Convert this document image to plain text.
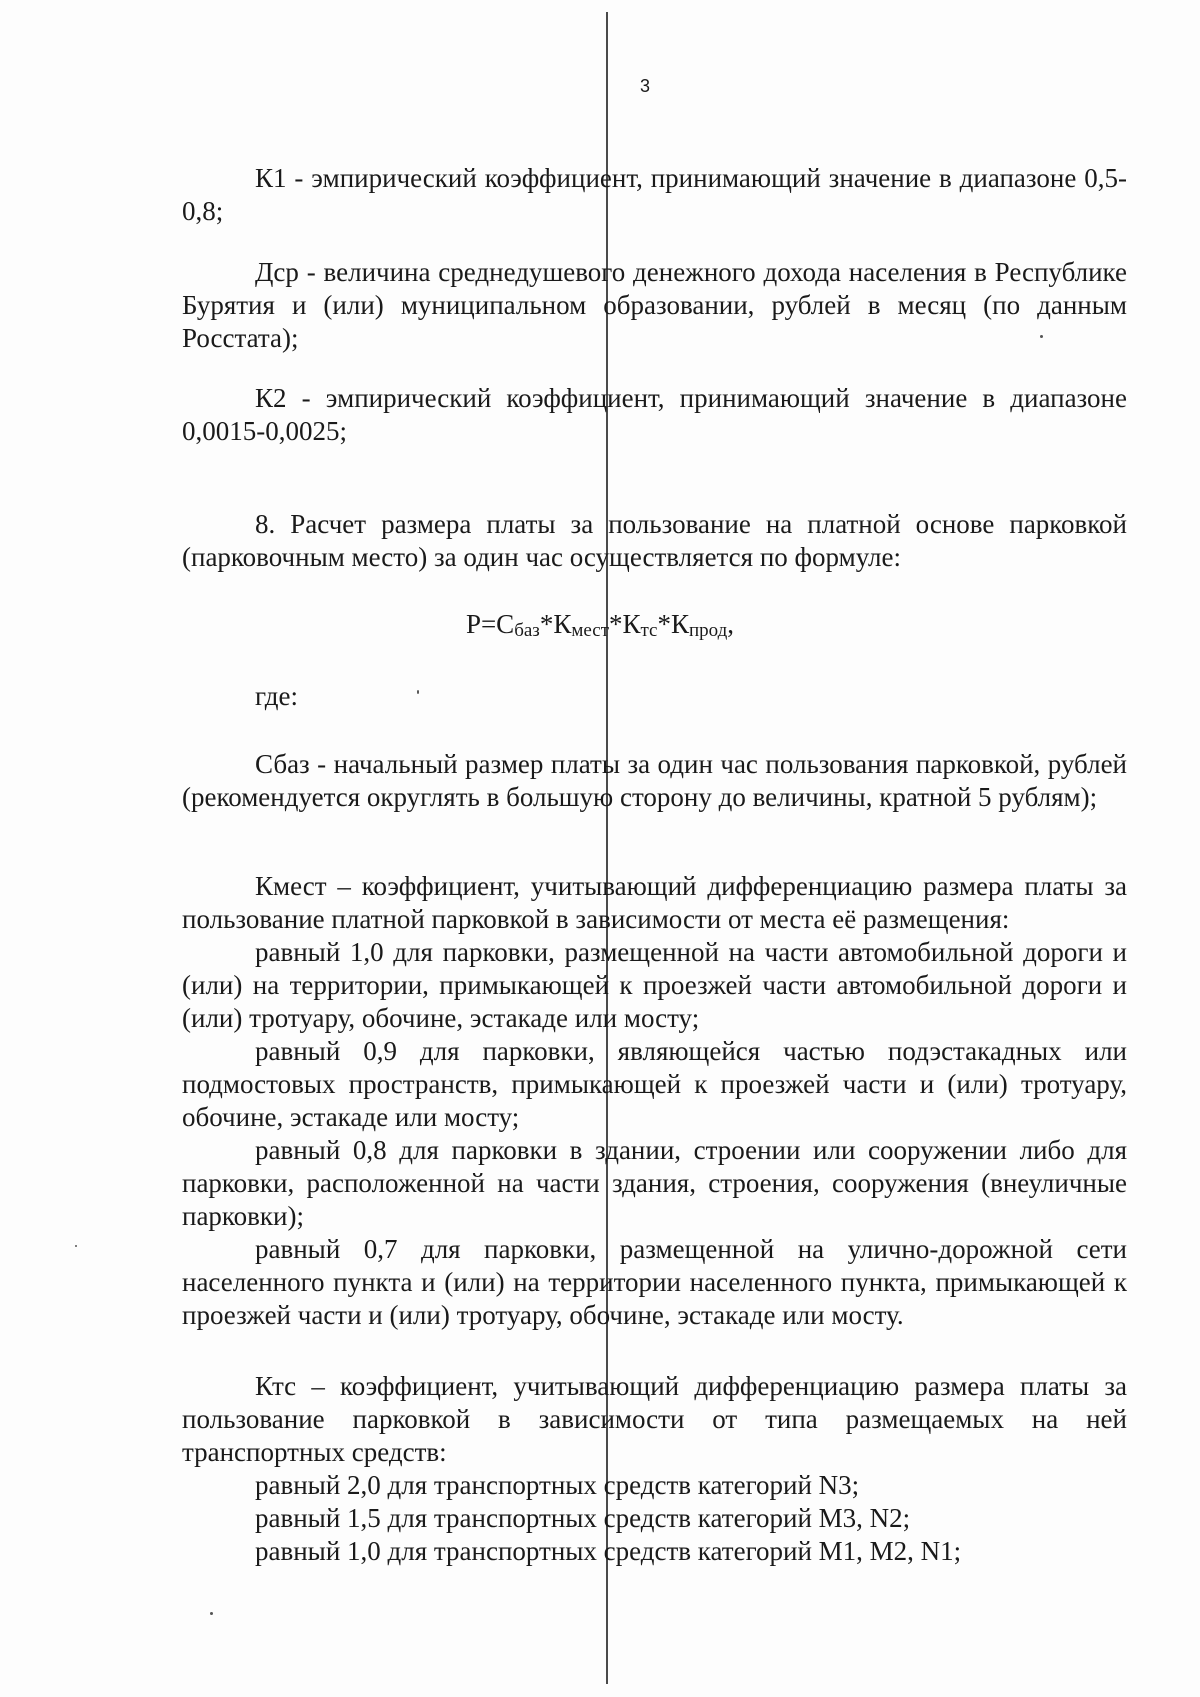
3

К1 - эмпирический коэффициент, принимающий значение в диапазоне 0,5-0,8;

Дср - величина среднедушевого денежного дохода населения в Республике Бурятия и (или) муниципальном образовании, рублей в месяц (по данным Росстата);

К2 - эмпирический коэффициент, принимающий значение в диапазоне 0,0015-0,0025;

8. Расчет размера платы за пользование на платной основе парковкой (парковочным место) за один час осуществляется по формуле:

$Р=С_{баз}*К_{мест}*К_{тс}*К_{прод}$,

где:

Сбаз - начальный размер платы за один час пользования парковкой, рублей (рекомендуется округлять в большую сторону до величины, кратной 5 рублям);

Кмест – коэффициент, учитывающий дифференциацию размера платы за пользование платной парковкой в зависимости от места её размещения:

равный 1,0 для парковки, размещенной на части автомобильной дороги и (или) на территории, примыкающей к проезжей части автомобильной дороги и (или) тротуару, обочине, эстакаде или мосту;

равный 0,9 для парковки, являющейся частью подэстакадных или подмостовых пространств, примыкающей к проезжей части и (или) тротуару, обочине, эстакаде или мосту;

равный 0,8 для парковки в здании, строении или сооружении либо для парковки, расположенной на части здания, строения, сооружения (внеуличные парковки);

равный 0,7 для парковки, размещенной на улично-дорожной сети населенного пункта и (или) на территории населенного пункта, примыкающей к проезжей части и (или) тротуару, обочине, эстакаде или мосту.

Ктс – коэффициент, учитывающий дифференциацию размера платы за пользование парковкой в зависимости от типа размещаемых на ней транспортных средств:

равный 2,0 для транспортных средств категорий N3;

равный 1,5 для транспортных средств категорий М3, N2;

равный 1,0 для транспортных средств категорий М1, М2, N1;
